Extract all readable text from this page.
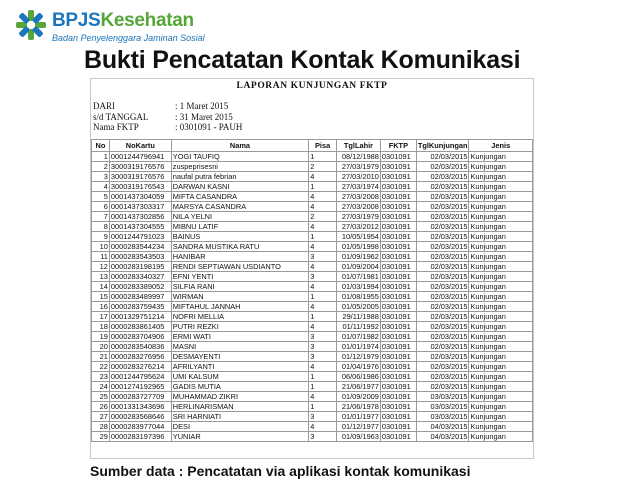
BPJSKesehatan
Badan Penyelenggara Jaminan Sosial
Bukti Pencatatan Kontak Komunikasi
LAPORAN KUNJUNGAN FKTP
DARI	: 1 Maret 2015
s/d TANGGAL	: 31 Maret 2015
Nama FKTP	: 0301091 - PAUH
No	NoKartu	Nama	Pisa	TglLahir	FKTP	TglKunjungan	Jenis
1	0001244796941	YOGI TAUFIQ	1	08/12/1988	0301091	02/03/2015	Kunjungan
2	3000319176576	zuspeprisesni	2	27/03/1979	0301091	02/03/2015	Kunjungan
3	3000319176576	naufal putra febrian	4	27/03/2010	0301091	02/03/2015	Kunjungan
4	3000319176543	DARWAN KASNI	1	27/03/1974	0301091	02/03/2015	Kunjungan
5	0001437304059	MIFTA CASANDRA	4	27/03/2008	0301091	02/03/2015	Kunjungan
6	0001437303317	MARSYA CASANDRA	4	27/03/2008	0301091	02/03/2015	Kunjungan
7	0001437302856	NILA YELNI	2	27/03/1979	0301091	02/03/2015	Kunjungan
8	0001437304555	MIBNU LATIF	4	27/03/2012	0301091	02/03/2015	Kunjungan
9	0001244791023	BAINUS	1	10/05/1954	0301091	02/03/2015	Kunjungan
10	0000283544234	SANDRA MUSTIKA RATU	4	01/05/1998	0301091	02/03/2015	Kunjungan
11	0000283543503	HANIBAR	3	01/09/1962	0301091	02/03/2015	Kunjungan
12	0000283198195	RENDI SEPTIAWAN USDIANTO	4	01/09/2004	0301091	02/03/2015	Kunjungan
13	0000283340327	EFNI YENTI	3	01/07/1981	0301091	02/03/2015	Kunjungan
14	0000283389052	SILFIA RANI	4	01/03/1994	0301091	02/03/2015	Kunjungan
15	0000283489997	WIRMAN	1	01/08/1955	0301091	02/03/2015	Kunjungan
16	0000283759435	MIFTAHUL JANNAH	4	01/05/2005	0301091	02/03/2015	Kunjungan
17	0001329751214	NOFRI MELLIA	1	29/11/1988	0301091	02/03/2015	Kunjungan
18	0000283861405	PUTRI REZKI	4	01/11/1992	0301091	02/03/2015	Kunjungan
19	0000283704906	ERMI WATI	3	01/07/1982	0301091	02/03/2015	Kunjungan
20	0000283540836	MASNI	3	01/01/1974	0301091	02/03/2015	Kunjungan
21	0000283276956	DESMAYENTI	3	01/12/1979	0301091	02/03/2015	Kunjungan
22	0000283276214	AFRILYANTI	4	01/04/1976	0301091	02/03/2015	Kunjungan
23	0001244795624	UMI KALSUM	1	06/06/1986	0301091	02/03/2015	Kunjungan
24	0001274192965	GADIS MUTIA	1	21/06/1977	0301091	02/03/2015	Kunjungan
25	0000283727709	MUHAMMAD ZIKRI	4	01/09/2009	0301091	03/03/2015	Kunjungan
26	0001331343696	HERLINARISMAN	1	21/06/1978	0301091	03/03/2015	Kunjungan
27	0000283568646	SRI HARNIATI	3	01/01/1977	0301091	03/03/2015	Kunjungan
28	0000283977044	DESI	4	01/12/1977	0301091	04/03/2015	Kunjungan
29	0000283197396	YUNIAR	3	01/09/1963	0301091	04/03/2015	Kunjungan
Sumber data : Pencatatan via aplikasi kontak komunikasi
